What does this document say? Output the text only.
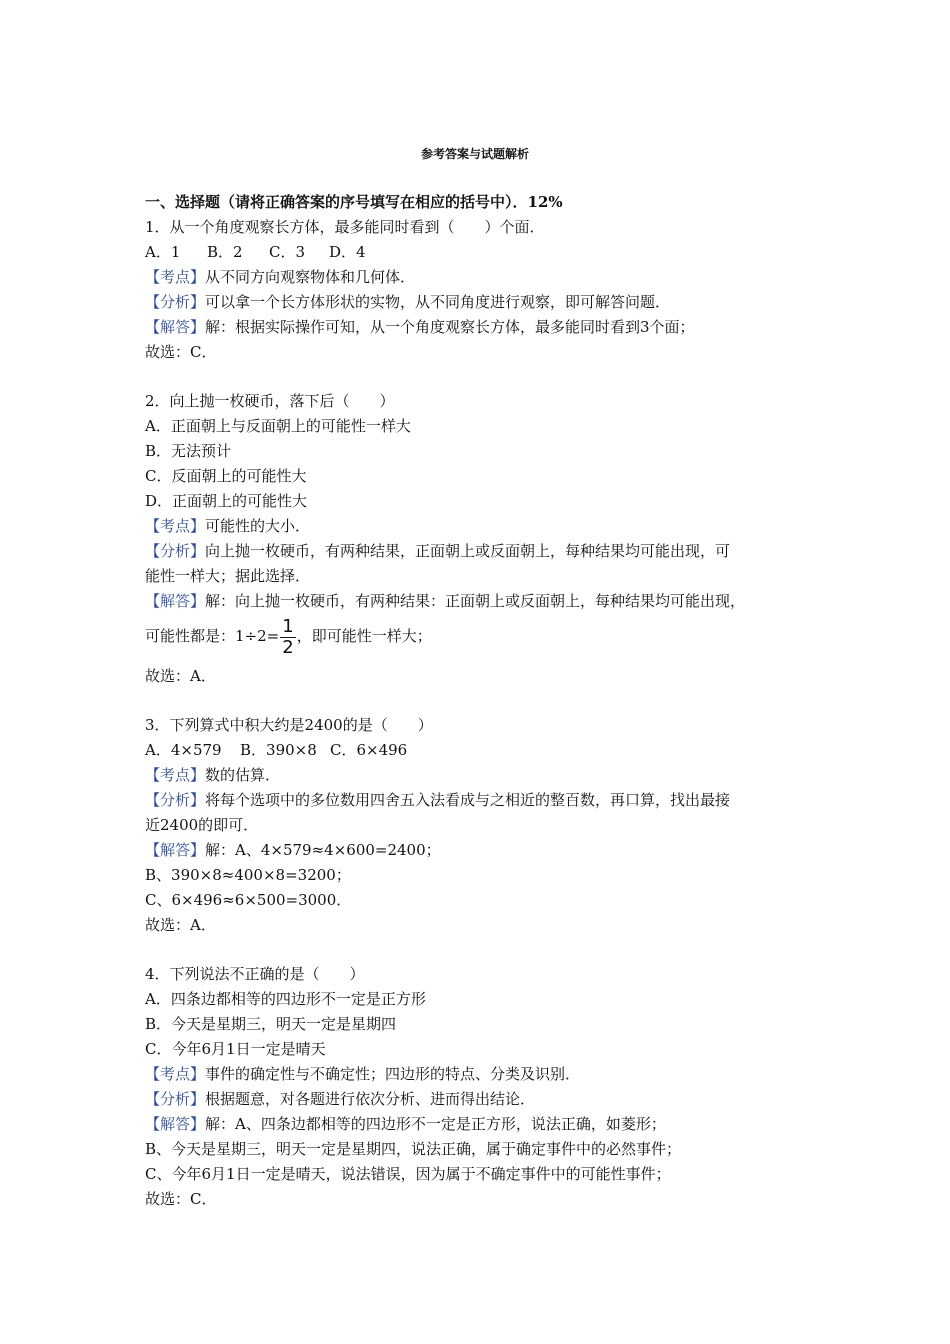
参考答案与试题解析
一、选择题（请将正确答案的序号填写在相应的括号中）．12%
1．从一个角度观察长方体，最多能同时看到（　　）个面．
A．1 B．2 C．3 D．4
【考点】从不同方向观察物体和几何体．
【分析】可以拿一个长方体形状的实物，从不同角度进行观察，即可解答问题．
【解答】解：根据实际操作可知，从一个角度观察长方体，最多能同时看到3个面；
故选：C．
2．向上抛一枚硬币，落下后（　　）
A．正面朝上与反面朝上的可能性一样大
B．无法预计
C．反面朝上的可能性大
D．正面朝上的可能性大
【考点】可能性的大小．
【分析】向上抛一枚硬币，有两种结果，正面朝上或反面朝上，每种结果均可能出现，可
能性一样大；据此选择．
【解答】解：向上抛一枚硬币，有两种结果：正面朝上或反面朝上，每种结果均可能出现，
可能性都是：$1\div 2= \frac{1}{2}$ ，即可能性一样大；
故选：A．
3．下列算式中积大约是2400的是（　　）
A．4×579 B．390×8 C．6×496
【考点】数的估算．
【分析】将每个选项中的多位数用四舍五入法看成与之相近的整百数，再口算，找出最接
近2400的即可．
【解答】解：A、4×579≈4×600=2400；
B、390×8≈400×8=3200；
C、6×496≈6×500=3000．
故选：A．
4．下列说法不正确的是（　　）
A．四条边都相等的四边形不一定是正方形
B．今天是星期三，明天一定是星期四
C．今年6月1日一定是晴天
【考点】事件的确定性与不确定性；四边形的特点、分类及识别．
【分析】根据题意，对各题进行依次分析、进而得出结论．
【解答】解：A、四条边都相等的四边形不一定是正方形，说法正确，如菱形；
B、今天是星期三，明天一定是星期四，说法正确，属于确定事件中的必然事件；
C、今年6月1日一定是晴天，说法错误，因为属于不确定事件中的可能性事件；
故选：C．
